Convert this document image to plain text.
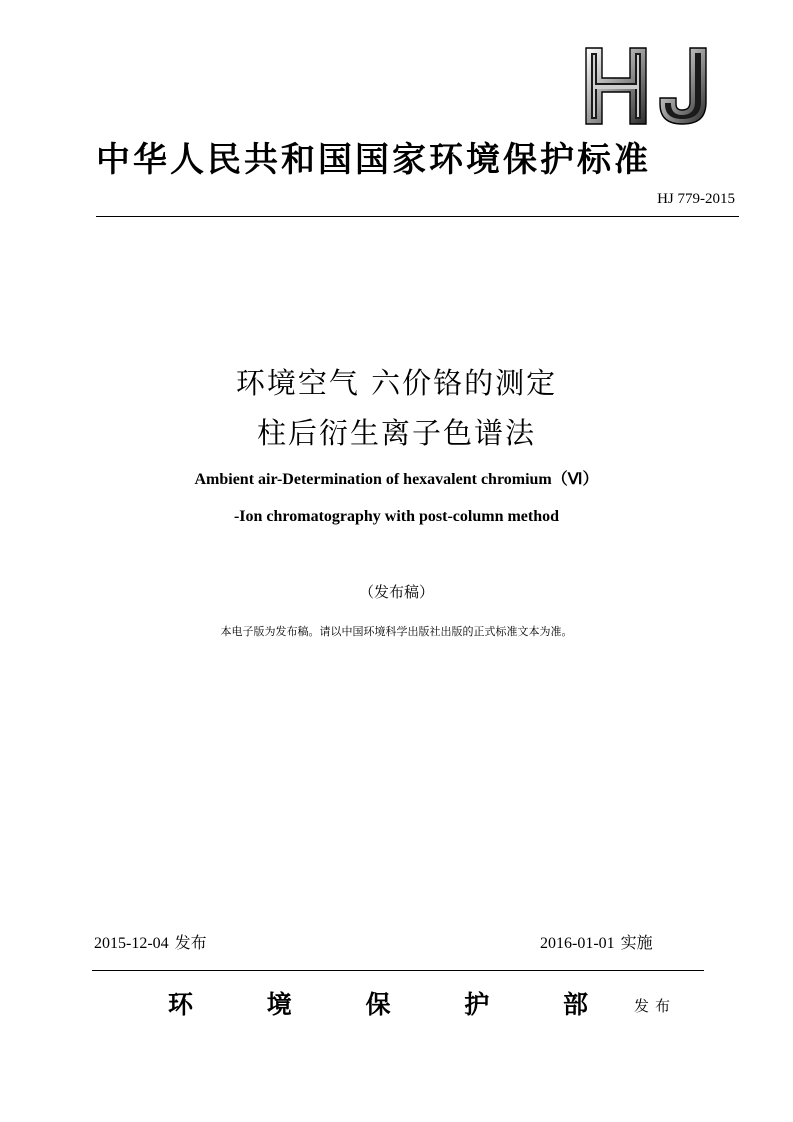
中华人民共和国国家环境保护标准
HJ 779-2015
环境空气 六价铬的测定
柱后衍生离子色谱法
Ambient air-Determination of hexavalent chromium（Ⅵ）
-Ion chromatography with post-column method
（发布稿）
本电子版为发布稿。请以中国环境科学出版社出版的正式标准文本为准。
2015-12-04 发布	2016-01-01 实施
环	境	保	护	部	发布
